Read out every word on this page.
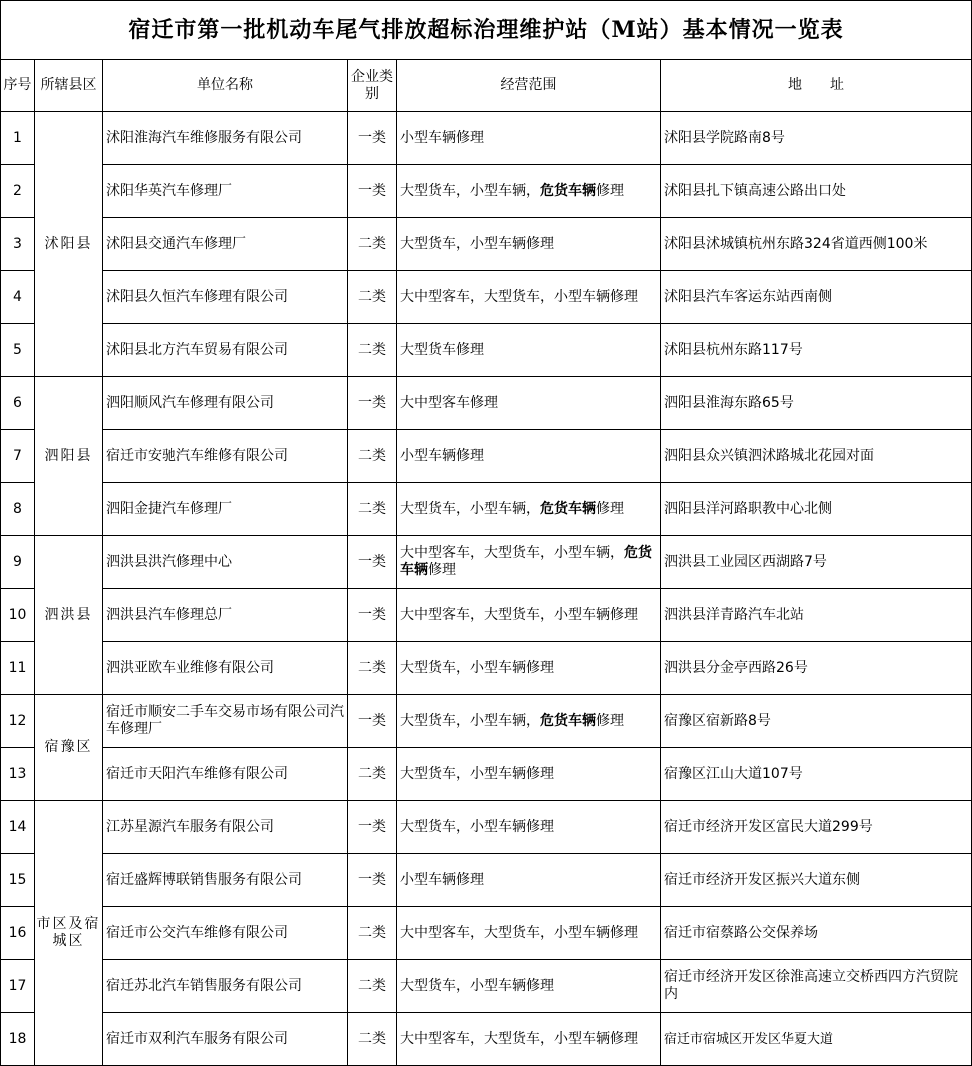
宿迁市第一批机动车尾气排放超标治理维护站（M站）基本情况一览表					
序号	所辖县区	单位名称	企业类别	经营范围	地　　址
1	沭阳县	沭阳淮海汽车维修服务有限公司	一类	小型车辆修理	沭阳县学院路南8号
2		沭阳华英汽车修理厂	一类	大型货车，小型车辆，危货车辆修理	沭阳县扎下镇高速公路出口处
3		沭阳县交通汽车修理厂	二类	大型货车，小型车辆修理	沭阳县沭城镇杭州东路324省道西侧100米
4		沭阳县久恒汽车修理有限公司	二类	大中型客车，大型货车，小型车辆修理	沭阳县汽车客运东站西南侧
5		沭阳县北方汽车贸易有限公司	二类	大型货车修理	沭阳县杭州东路117号
6	泗阳县	泗阳顺风汽车修理有限公司	一类	大中型客车修理	泗阳县淮海东路65号
7		宿迁市安驰汽车维修有限公司	二类	小型车辆修理	泗阳县众兴镇泗沭路城北花园对面
8		泗阳金捷汽车修理厂	二类	大型货车，小型车辆，危货车辆修理	泗阳县洋河路职教中心北侧
9	泗洪县	泗洪县洪汽修理中心	一类	大中型客车，大型货车，小型车辆，危货车辆修理	泗洪县工业园区西湖路7号
10		泗洪县汽车修理总厂	一类	大中型客车，大型货车，小型车辆修理	泗洪县洋青路汽车北站
11		泗洪亚欧车业维修有限公司	二类	大型货车，小型车辆修理	泗洪县分金亭西路26号
12	宿豫区	宿迁市顺安二手车交易市场有限公司汽车修理厂	一类	大型货车，小型车辆，危货车辆修理	宿豫区宿新路8号
13		宿迁市天阳汽车维修有限公司	二类	大型货车，小型车辆修理	宿豫区江山大道107号
14	市区及宿城区	江苏星源汽车服务有限公司	一类	大型货车，小型车辆修理	宿迁市经济开发区富民大道299号
15		宿迁盛辉博联销售服务有限公司	一类	小型车辆修理	宿迁市经济开发区振兴大道东侧
16		宿迁市公交汽车维修有限公司	二类	大中型客车，大型货车，小型车辆修理	宿迁市宿蔡路公交保养场
17		宿迁苏北汽车销售服务有限公司	二类	大型货车，小型车辆修理	宿迁市经济开发区徐淮高速立交桥西四方汽贸院内
18		宿迁市双利汽车服务有限公司	二类	大中型客车，大型货车，小型车辆修理	宿迁市宿城区开发区华夏大道
